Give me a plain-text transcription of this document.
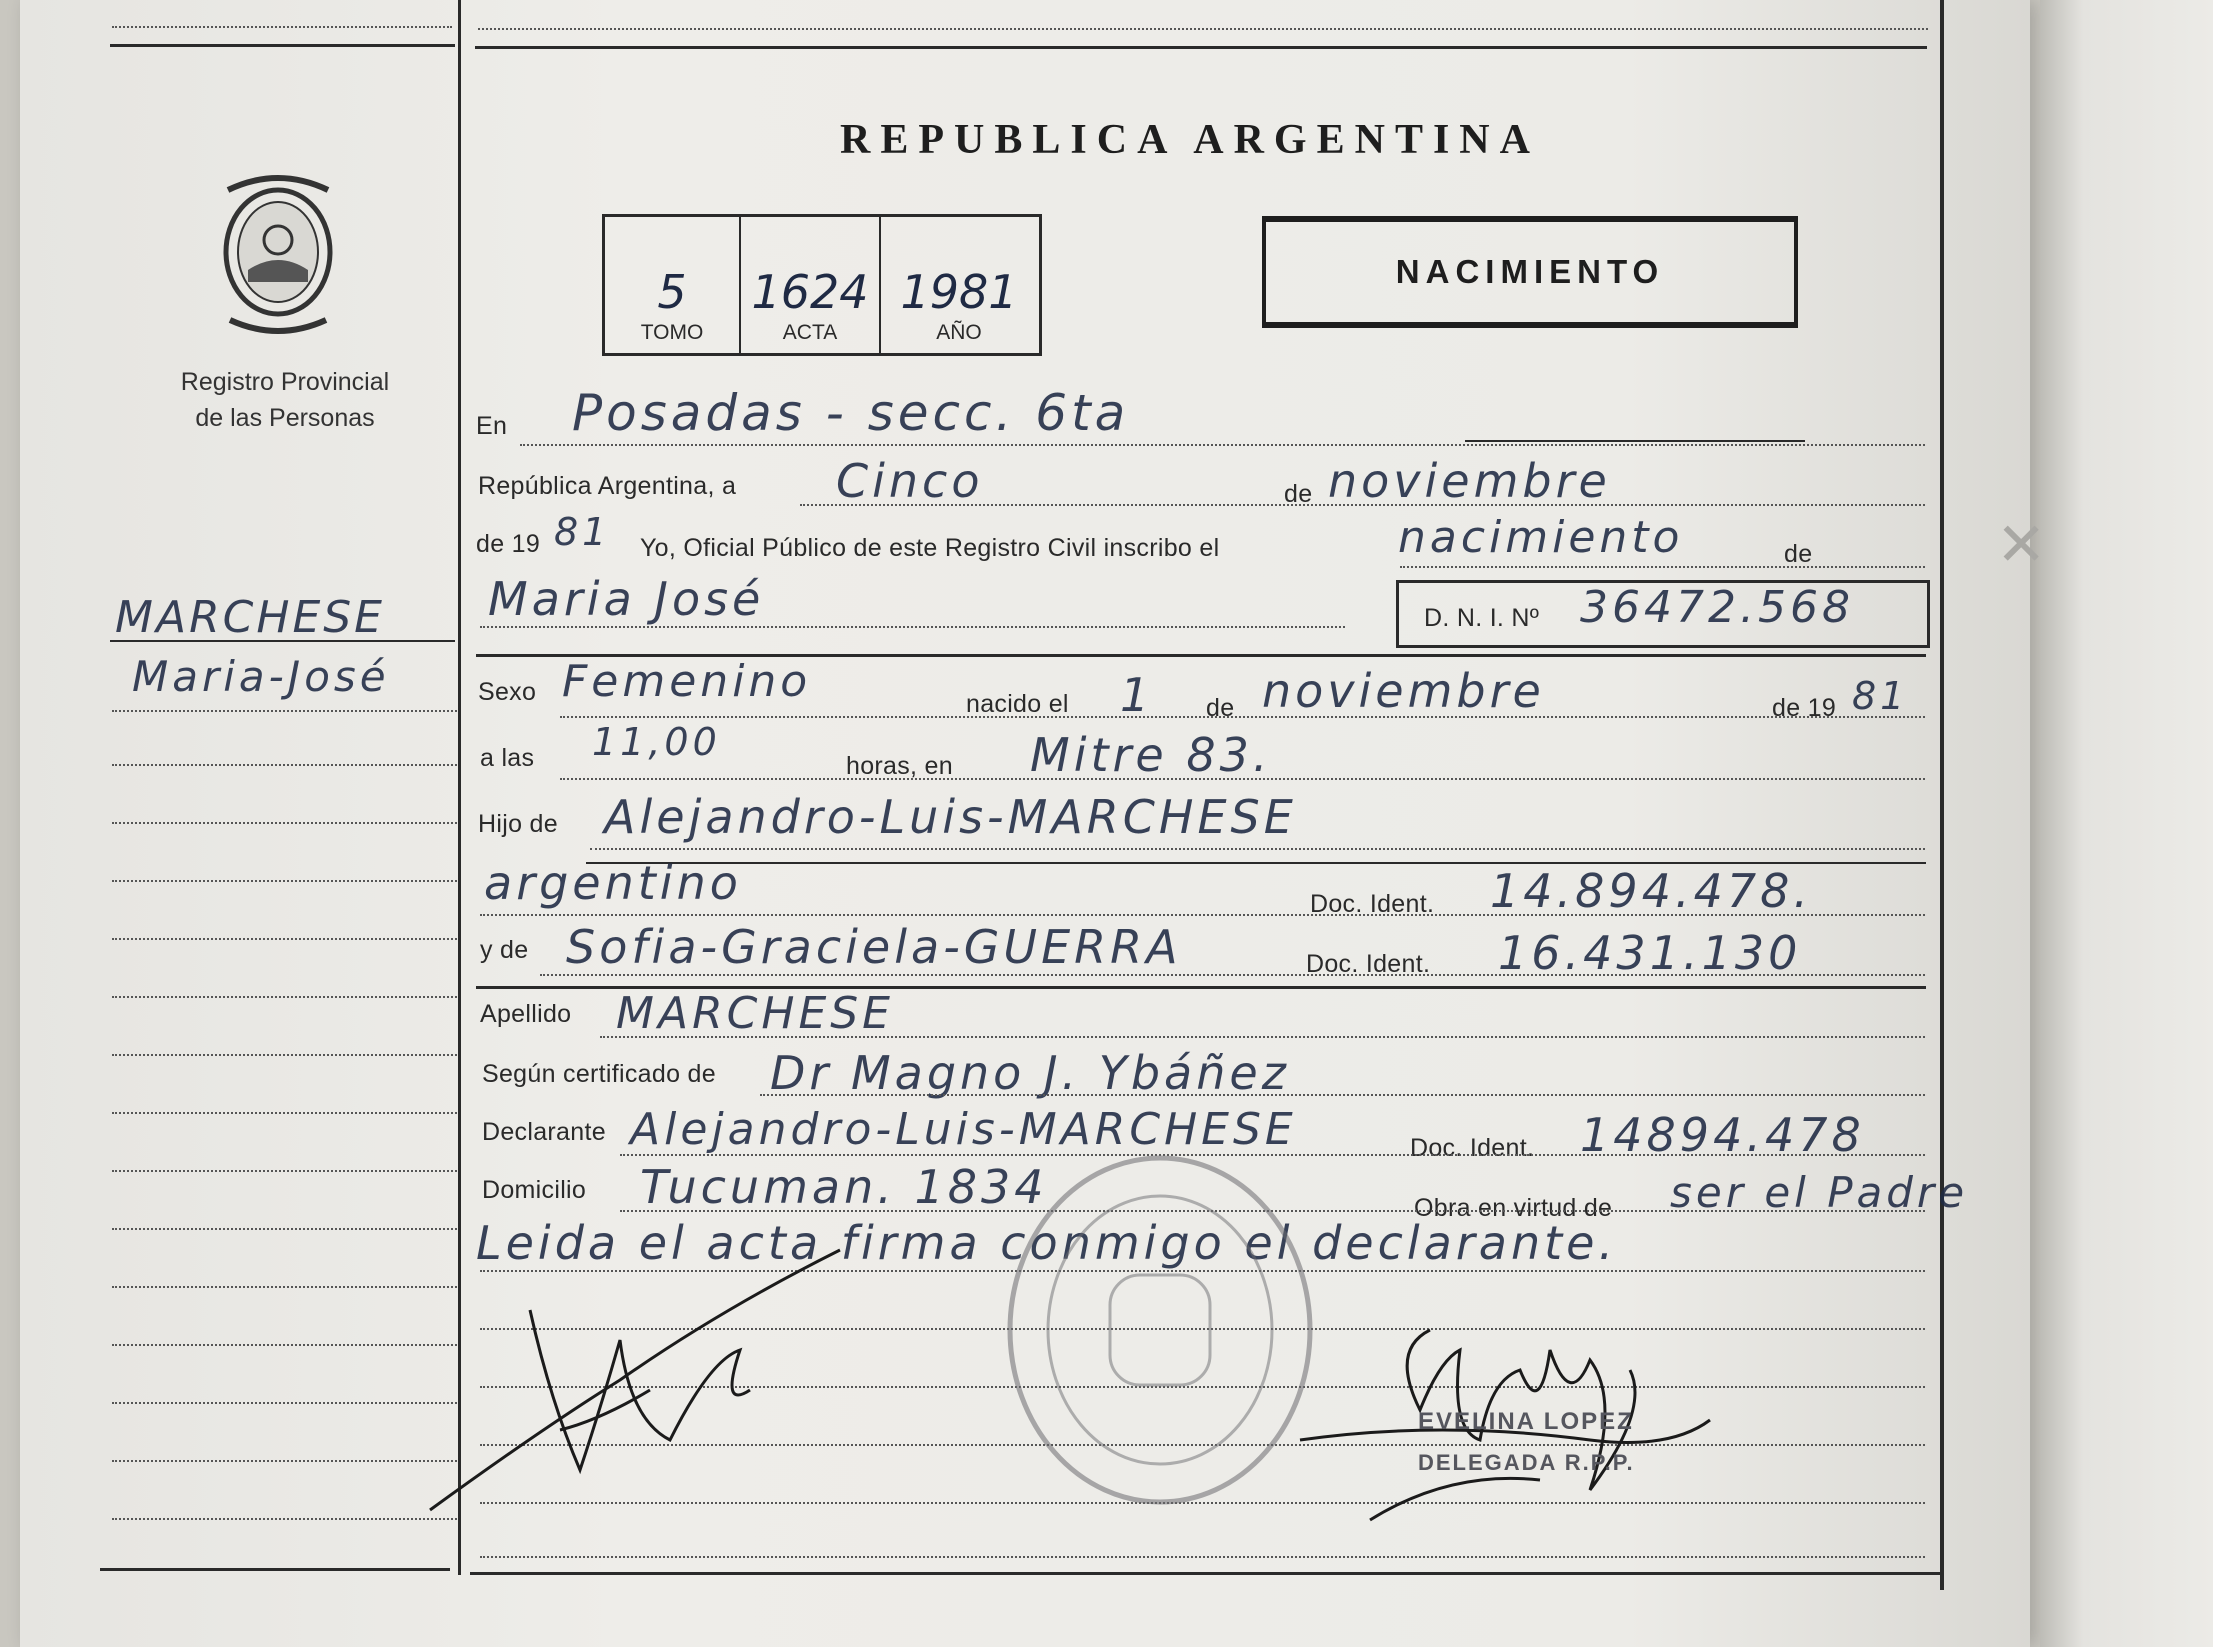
Registro Provincial
de las Personas
MARCHESE
Maria-José
REPUBLICA ARGENTINA
5
TOMO
1624
ACTA
1981
AÑO
NACIMIENTO
En Posadas - secc. 6ta
República Argentina, a Cinco	de noviembre
de 19 81 Yo, Oficial Público de este Registro Civil inscribo el	nacimiento	de
Maria José	D. N. I. Nº 36472.568
Sexo Femenino	nacido el 1 de noviembre	de 19 81
a las 11,00
horas, en Mitre 83.
Hijo de Alejandro-Luis-MARCHESE
argentino	Doc. Ident. 14.894.478.
y de Sofia-Graciela-GUERRA	Doc. Ident. 16.431.130
Apellido MARCHESE
Según certificado de Dr Magno J. Ybáñez
Declarante Alejandro-Luis-MARCHESE	Doc. Ident. 14894.478
Domicilio Tucuman. 1834	Obra en virtud de ser el Padre
Leida el acta firma conmigo el declarante.
EVELINA LOPEZ
DELEGADA R.P.P.
✕
